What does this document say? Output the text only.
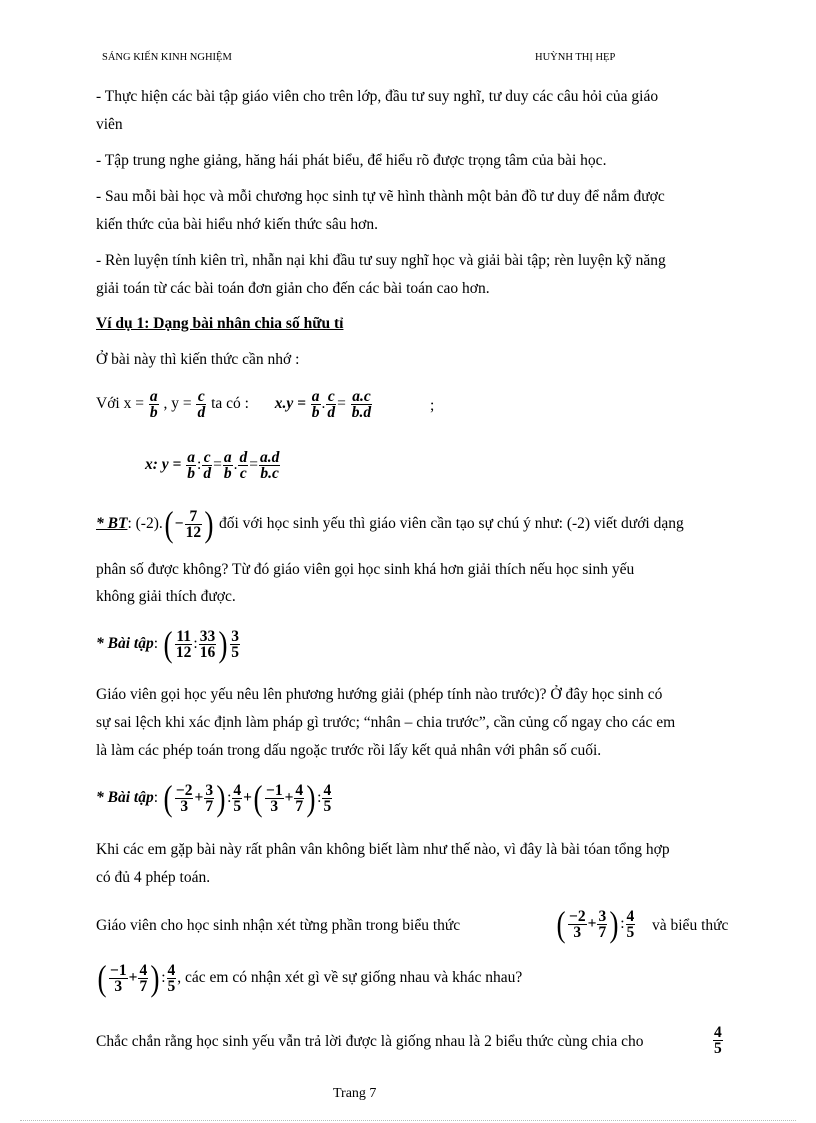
SÁNG KIẾN KINH NGHIỆM	HUỲNH THỊ HẸP
- Thực hiện các bài tập giáo viên cho trên lớp, đầu tư suy nghĩ, tư duy các câu hỏi của giáo
viên
- Tập trung nghe giảng, hăng hái phát biểu, để hiểu rõ được trọng tâm của bài học.
- Sau mỗi bài học và mỗi chương học sinh tự vẽ hình thành một bản đồ tư duy để nắm được
kiến thức của bài hiểu nhớ kiến thức sâu hơn.
- Rèn luyện tính kiên trì, nhẫn nại khi đầu tư suy nghĩ học và giải bài tập; rèn luyện kỹ năng
giải toán từ các bài toán đơn giản cho đến các bài toán cao hơn.
Ví dụ 1: Dạng bài nhân chia số hữu tỉ
Ở bài này thì kiến thức cần nhớ :
Với $x = \frac{a}{b}$ , $y = \frac{c}{d}$ ta có : $x.y = \frac{a}{b}$ . $\frac{c}{d} = \frac{a.c}{b.d}$	;
x: $y = \frac{a}{b}$ : $\frac{c}{d} = \frac{a}{b}$ . $\frac{d}{c} = \frac{a.d}{b.c}$
* BT: $(-2).(- \frac{7}{12}$ ) đối với học sinh yếu thì giáo viên cần tạo sự chú ý như: (-2) viết dưới dạng
phân số được không? Từ đó giáo viên gọi học sinh khá hơn giải thích nếu học sinh yếu
không giải thích được.
* Bài tập: ( $\frac{11}{12}$ : $\frac{33}{16}$ ) $\frac{3}{5}$
Giáo viên gọi học yếu nêu lên phương hướng giải (phép tính nào trước)? Ở đây học sinh có
sự sai lệch khi xác định làm pháp gì trước; “nhân – chia trước”, cần củng cố ngay cho các em
là làm các phép toán trong dấu ngoặc trước rồi lấy kết quả nhân với phân số cuối.
* Bài tập: ( $\frac{-2}{3} + \frac{3}{7}$ ): $\frac{4}{5}$ +( $\frac{-1}{3} + \frac{4}{7}$ ): $\frac{4}{5}$
Khi các em gặp bài này rất phân vân không biết làm như thế nào, vì đây là bài tóan tổng hợp
có đủ 4 phép toán.
Giáo viên cho học sinh nhận xét từng phần trong biểu thức	( $\frac{-2}{3} + \frac{3}{7}$ ): $\frac{4}{5}$ và biểu thức
( $\frac{-1}{3} + \frac{4}{7}$ ): $\frac{4}{5}$ , các em có nhận xét gì về sự giống nhau và khác nhau?
Chắc chắn rằng học sinh yếu vẫn trả lời được là giống nhau là 2 biểu thức cùng chia cho	$\frac{4}{5}$
Trang 7
